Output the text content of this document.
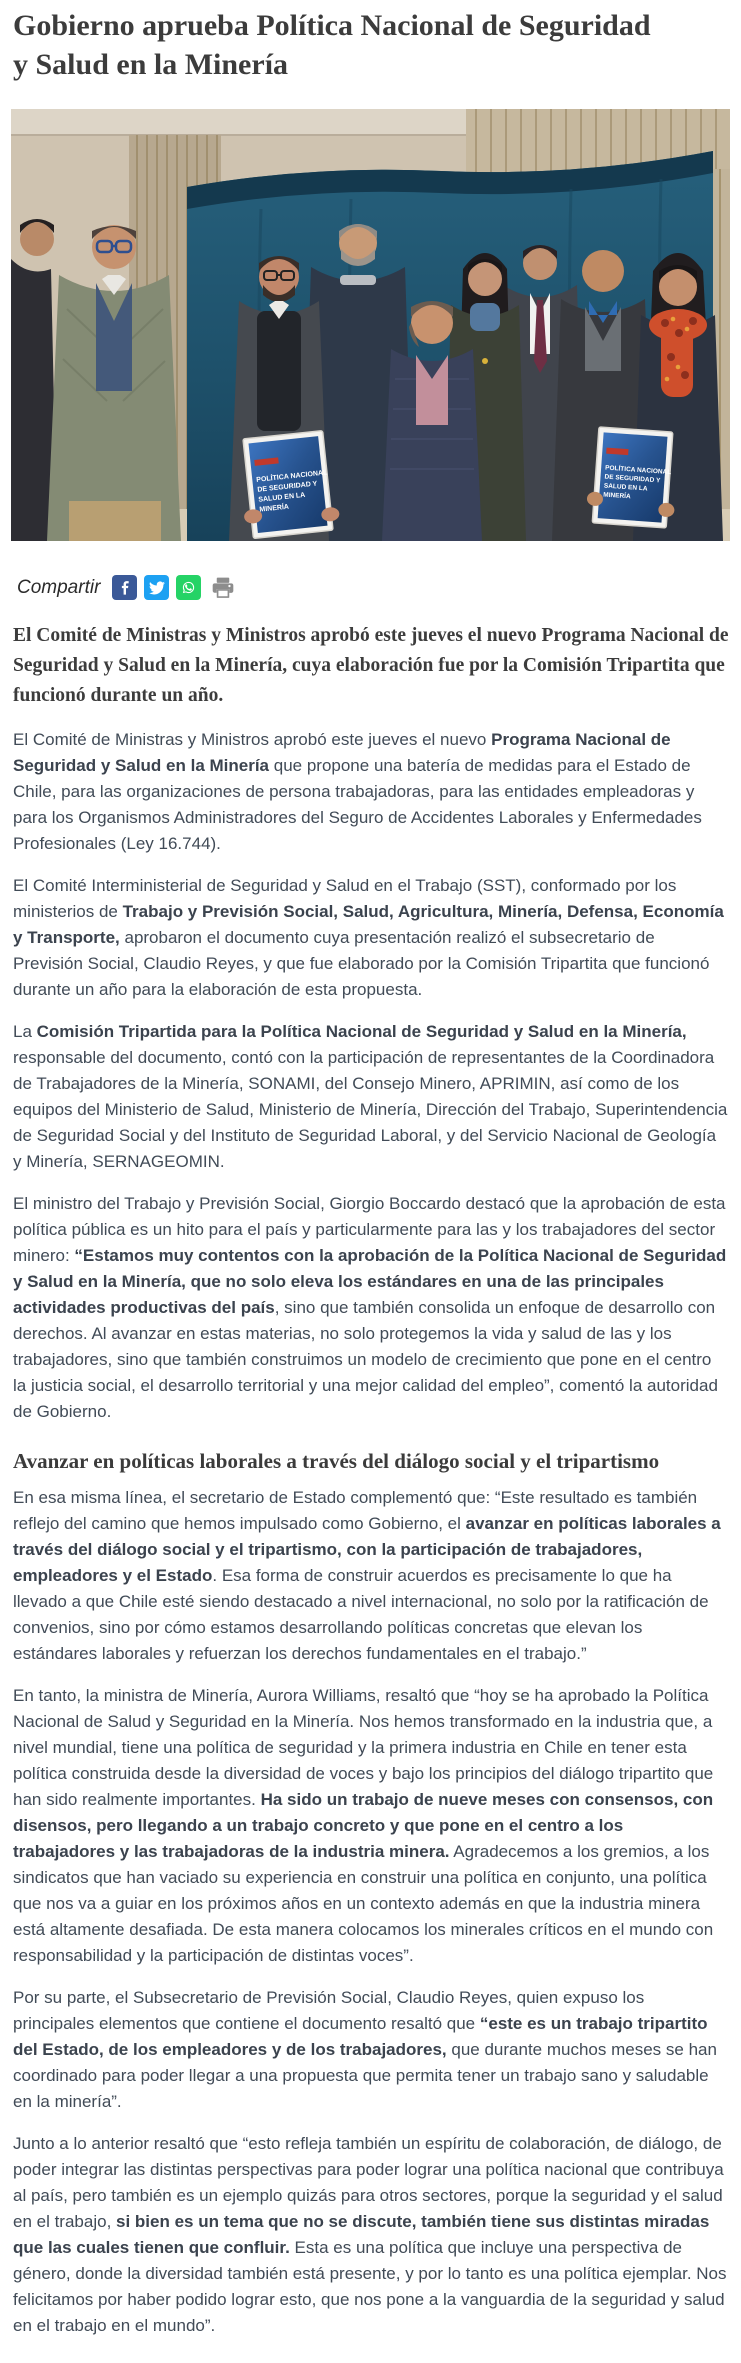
Gobierno aprueba Política Nacional de Seguridad y Salud en la Minería
POLÍTICA NACIONAL
DE SEGURIDAD Y
SALUD EN LA
MINERÍA
POLÍTICA NACIONAL
DE SEGURIDAD Y
SALUD EN LA
MINERÍA
Compartir

El Comité de Ministras y Ministros aprobó este jueves el nuevo Programa Nacional de Seguridad y Salud en la Minería, cuya elaboración fue por la Comisión Tripartita que funcionó durante un año.

El Comité de Ministras y Ministros aprobó este jueves el nuevo Programa Nacional de Seguridad y Salud en la Minería que propone una batería de medidas para el Estado de Chile, para las organizaciones de persona trabajadoras, para las entidades empleadoras y para los Organismos Administradores del Seguro de Accidentes Laborales y Enfermedades Profesionales (Ley 16.744).

El Comité Interministerial de Seguridad y Salud en el Trabajo (SST), conformado por los ministerios de Trabajo y Previsión Social, Salud, Agricultura, Minería, Defensa, Economía y Transporte, aprobaron el documento cuya presentación realizó el subsecretario de Previsión Social, Claudio Reyes, y que fue elaborado por la Comisión Tripartita que funcionó durante un año para la elaboración de esta propuesta.

La Comisión Tripartida para la Política Nacional de Seguridad y Salud en la Minería, responsable del documento, contó con la participación de representantes de la Coordinadora de Trabajadores de la Minería, SONAMI, del Consejo Minero, APRIMIN, así como de los equipos del Ministerio de Salud, Ministerio de Minería, Dirección del Trabajo, Superintendencia de Seguridad Social y del Instituto de Seguridad Laboral, y del Servicio Nacional de Geología y Minería, SERNAGEOMIN.

El ministro del Trabajo y Previsión Social, Giorgio Boccardo destacó que la aprobación de esta política pública es un hito para el país y particularmente para las y los trabajadores del sector minero: “Estamos muy contentos con la aprobación de la Política Nacional de Seguridad y Salud en la Minería, que no solo eleva los estándares en una de las principales actividades productivas del país, sino que también consolida un enfoque de desarrollo con derechos. Al avanzar en estas materias, no solo protegemos la vida y salud de las y los trabajadores, sino que también construimos un modelo de crecimiento que pone en el centro la justicia social, el desarrollo territorial y una mejor calidad del empleo”, comentó la autoridad de Gobierno.

Avanzar en políticas laborales a través del diálogo social y el tripartismo

En esa misma línea, el secretario de Estado complementó que: “Este resultado es también reflejo del camino que hemos impulsado como Gobierno, el avanzar en políticas laborales a través del diálogo social y el tripartismo, con la participación de trabajadores, empleadores y el Estado. Esa forma de construir acuerdos es precisamente lo que ha llevado a que Chile esté siendo destacado a nivel internacional, no solo por la ratificación de convenios, sino por cómo estamos desarrollando políticas concretas que elevan los estándares laborales y refuerzan los derechos fundamentales en el trabajo.”

En tanto, la ministra de Minería, Aurora Williams, resaltó que “hoy se ha aprobado la Política Nacional de Salud y Seguridad en la Minería. Nos hemos transformado en la industria que, a nivel mundial, tiene una política de seguridad y la primera industria en Chile en tener esta política construida desde la diversidad de voces y bajo los principios del diálogo tripartito que han sido realmente importantes. Ha sido un trabajo de nueve meses con consensos, con disensos, pero llegando a un trabajo concreto y que pone en el centro a los trabajadores y las trabajadoras de la industria minera. Agradecemos a los gremios, a los sindicatos que han vaciado su experiencia en construir una política en conjunto, una política que nos va a guiar en los próximos años en un contexto además en que la industria minera está altamente desafiada. De esta manera colocamos los minerales críticos en el mundo con responsabilidad y la participación de distintas voces”.

Por su parte, el Subsecretario de Previsión Social, Claudio Reyes, quien expuso los principales elementos que contiene el documento resaltó que “este es un trabajo tripartito del Estado, de los empleadores y de los trabajadores, que durante muchos meses se han coordinado para poder llegar a una propuesta que permita tener un trabajo sano y saludable en la minería”.

Junto a lo anterior resaltó que “esto refleja también un espíritu de colaboración, de diálogo, de poder integrar las distintas perspectivas para poder lograr una política nacional que contribuya al país, pero también es un ejemplo quizás para otros sectores, porque la seguridad y el salud en el trabajo, si bien es un tema que no se discute, también tiene sus distintas miradas que las cuales tienen que confluir. Esta es una política que incluye una perspectiva de género, donde la diversidad también está presente, y por lo tanto es una política ejemplar. Nos felicitamos por haber podido lograr esto, que nos pone a la vanguardia de la seguridad y salud en el trabajo en el mundo”.
